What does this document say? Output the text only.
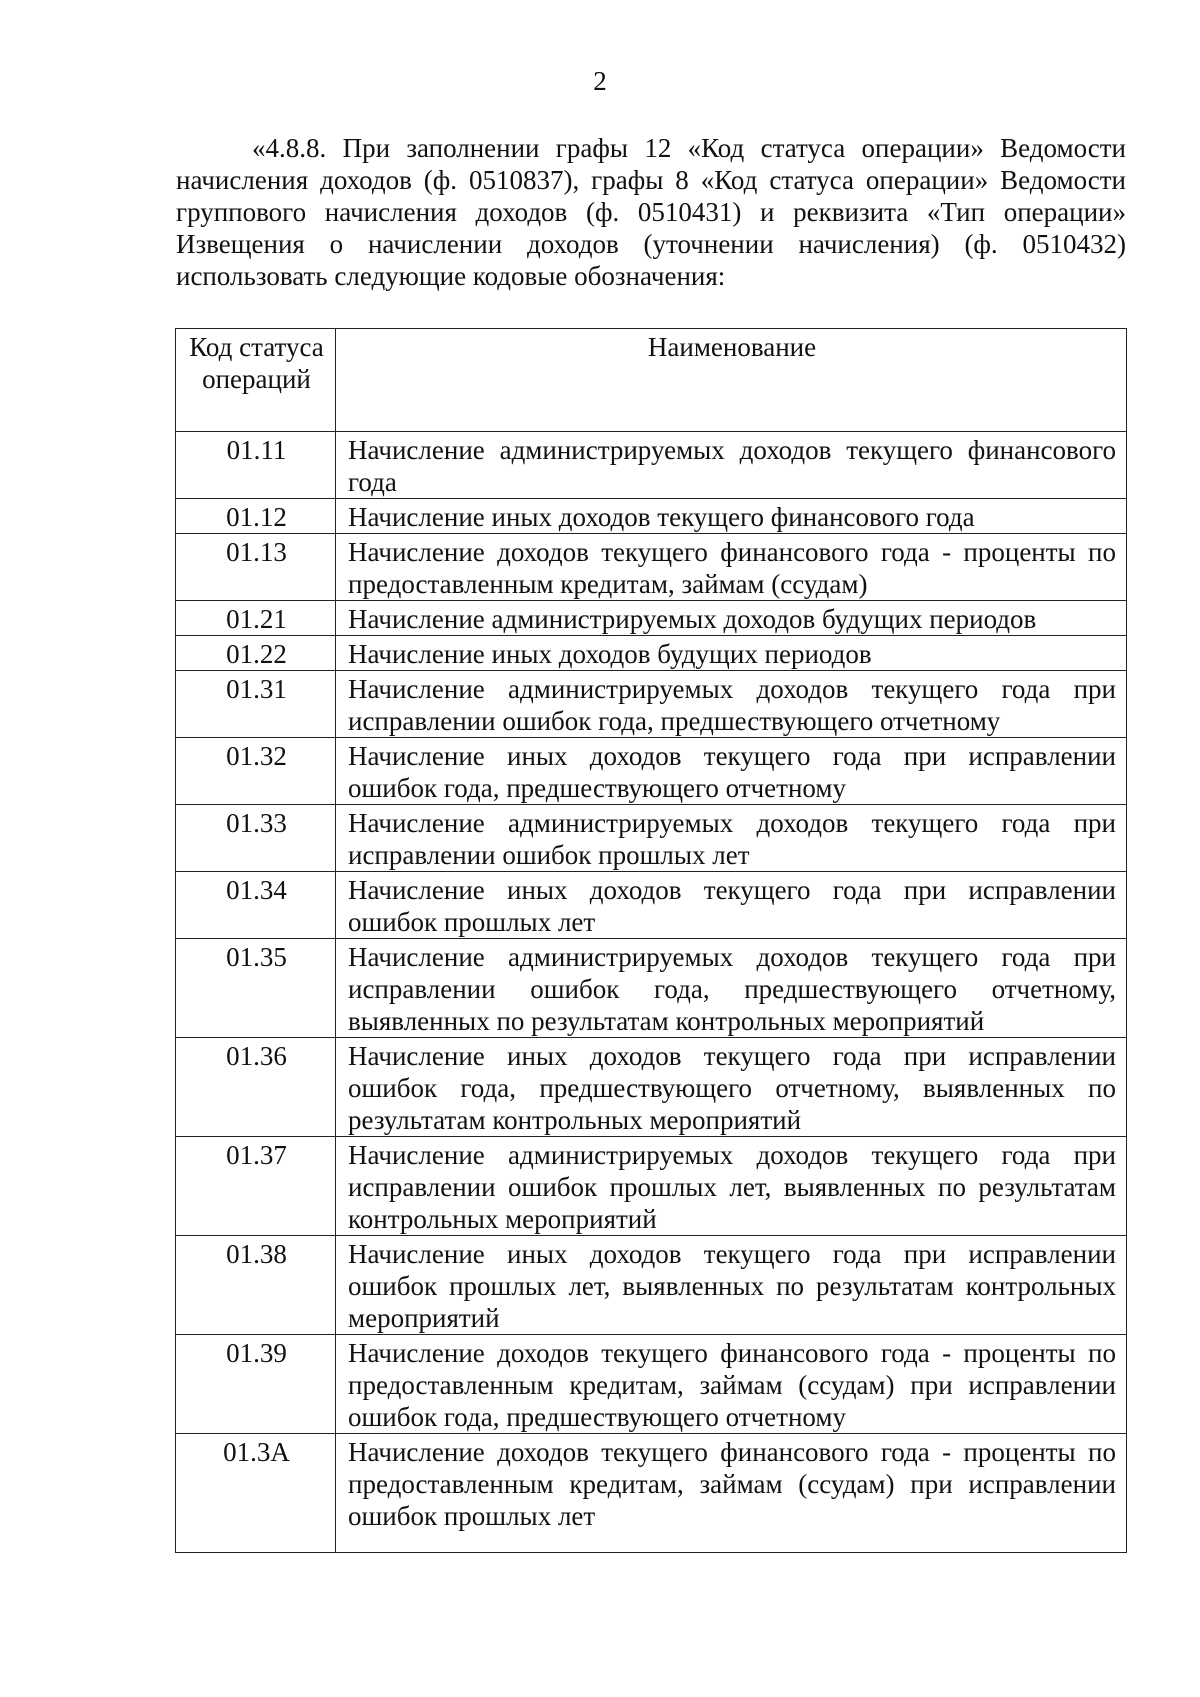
2

«4.8.8. При заполнении графы 12 «Код статуса операции» Ведомости начисления доходов (ф. 0510837), графы 8 «Код статуса операции» Ведомости группового начисления доходов (ф. 0510431) и реквизита «Тип операции» Извещения о начислении доходов (уточнении начисления) (ф. 0510432) использовать следующие кодовые обозначения:

Код статуса операций	Наименование
01.11	Начисление администрируемых доходов текущего финансового года
01.12	Начисление иных доходов текущего финансового года
01.13	Начисление доходов текущего финансового года - проценты по предоставленным кредитам, займам (ссудам)
01.21	Начисление администрируемых доходов будущих периодов
01.22	Начисление иных доходов будущих периодов
01.31	Начисление администрируемых доходов текущего года при исправлении ошибок года, предшествующего отчетному
01.32	Начисление иных доходов текущего года при исправлении ошибок года, предшествующего отчетному
01.33	Начисление администрируемых доходов текущего года при исправлении ошибок прошлых лет
01.34	Начисление иных доходов текущего года при исправлении ошибок прошлых лет
01.35	Начисление администрируемых доходов текущего года при исправлении ошибок года, предшествующего отчетному, выявленных по результатам контрольных мероприятий
01.36	Начисление иных доходов текущего года при исправлении ошибок года, предшествующего отчетному, выявленных по результатам контрольных мероприятий
01.37	Начисление администрируемых доходов текущего года при исправлении ошибок прошлых лет, выявленных по результатам контрольных мероприятий
01.38	Начисление иных доходов текущего года при исправлении ошибок прошлых лет, выявленных по результатам контрольных мероприятий
01.39	Начисление доходов текущего финансового года - проценты по предоставленным кредитам, займам (ссудам) при исправлении ошибок года, предшествующего отчетному
01.3А	Начисление доходов текущего финансового года - проценты по предоставленным кредитам, займам (ссудам) при исправлении ошибок прошлых лет
